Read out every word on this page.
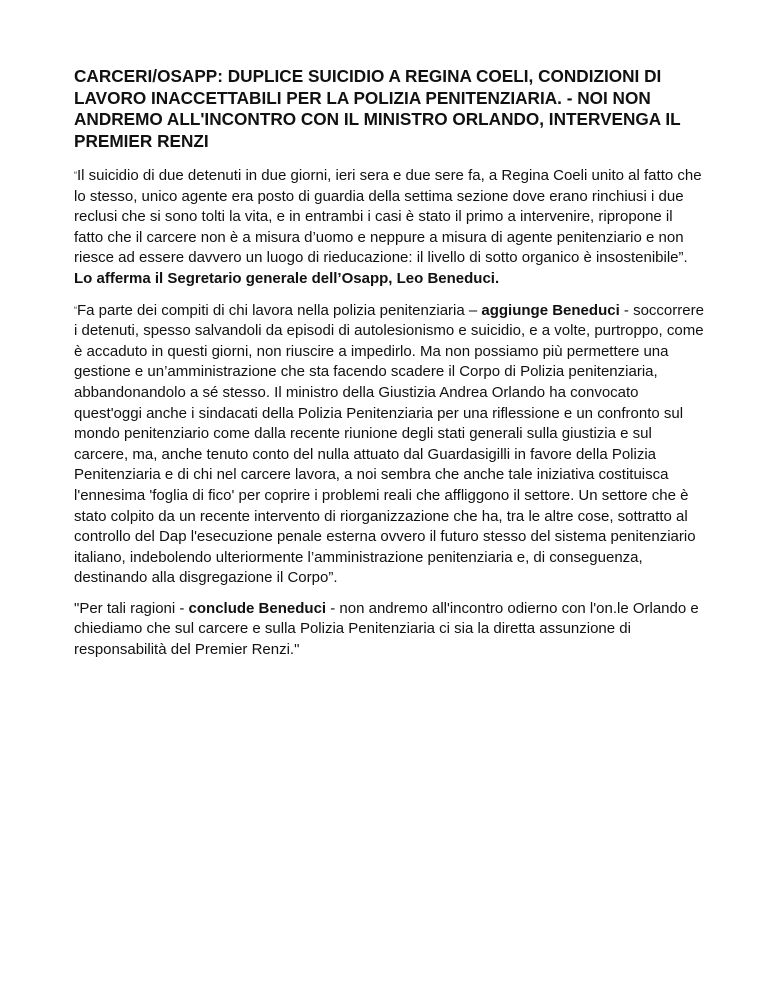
CARCERI/OSAPP: DUPLICE SUICIDIO A REGINA COELI, CONDIZIONI DI LAVORO INACCETTABILI PER LA POLIZIA PENITENZIARIA. - NOI NON ANDREMO ALL'INCONTRO CON IL MINISTRO ORLANDO, INTERVENGA IL PREMIER RENZI

“Il suicidio di due detenuti in due giorni, ieri sera e due sere fa, a Regina Coeli unito al fatto che lo stesso, unico agente era posto di guardia della settima sezione dove erano rinchiusi i due reclusi che si sono tolti la vita, e in entrambi i casi è stato il primo a intervenire, ripropone il fatto che il carcere non è a misura d’uomo e neppure a misura di agente penitenziario e non riesce ad essere davvero un luogo di rieducazione: il livello di sotto organico è insostenibile”. Lo afferma il Segretario generale dell’Osapp, Leo Beneduci.

“Fa parte dei compiti di chi lavora nella polizia penitenziaria – aggiunge Beneduci - soccorrere i detenuti, spesso salvandoli da episodi di autolesionismo e suicidio, e a volte, purtroppo, come è accaduto in questi giorni, non riuscire a impedirlo. Ma non possiamo più permettere una gestione e un’amministrazione che sta facendo scadere il Corpo di Polizia penitenziaria, abbandonandolo a sé stesso. Il ministro della Giustizia Andrea Orlando ha convocato quest'oggi anche i sindacati della Polizia Penitenziaria per una riflessione e un confronto sul mondo penitenziario come dalla recente riunione degli stati generali sulla giustizia e sul carcere, ma, anche tenuto conto del nulla attuato dal Guardasigilli in favore della Polizia Penitenziaria e di chi nel carcere lavora, a noi sembra che anche tale iniziativa costituisca l'ennesima 'foglia di fico' per coprire i problemi reali che affliggono il settore. Un settore che è stato colpito da un recente intervento di riorganizzazione che ha, tra le altre cose, sottratto al controllo del Dap l'esecuzione penale esterna ovvero il futuro stesso del sistema penitenziario italiano, indebolendo ulteriormente l’amministrazione penitenziaria e, di conseguenza, destinando alla disgregazione il Corpo”.

"Per tali ragioni - conclude Beneduci - non andremo all'incontro odierno con l'on.le Orlando e chiediamo che sul carcere e sulla Polizia Penitenziaria ci sia la diretta assunzione di responsabilità del Premier Renzi."
